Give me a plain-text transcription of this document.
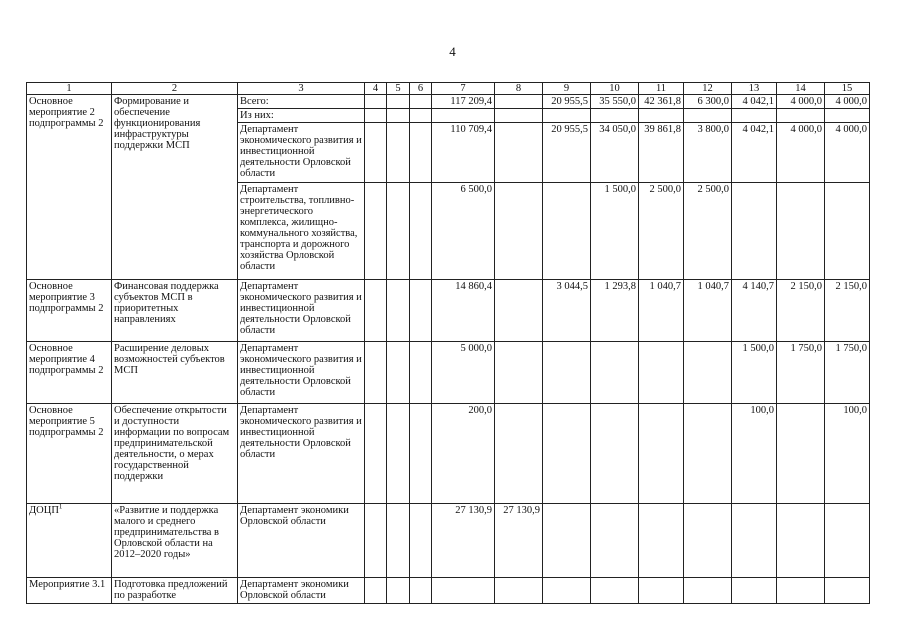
4
1	2	3	4	5	6	7	8	9	10	11	12	13	14	15
Основное мероприятие 2 подпрограммы 2	Формирование и обеспечение функционирования инфраструктуры поддержки МСП	Всего:				117 209,4		20 955,5	35 550,0	42 361,8	6 300,0	4 042,1	4 000,0	4 000,0
		Из них:												
		Департамент экономического развития и инвестиционной деятельности Орловской области				110 709,4		20 955,5	34 050,0	39 861,8	3 800,0	4 042,1	4 000,0	4 000,0
		Департамент строительства, топливно-энергетического комплекса, жилищно-коммунального хозяйства, транспорта и дорожного хозяйства Орловской области				6 500,0			1 500,0	2 500,0	2 500,0			
Основное мероприятие 3 подпрограммы 2	Финансовая поддержка субъектов МСП в приоритетных направлениях	Департамент экономического развития и инвестиционной деятельности Орловской области				14 860,4		3 044,5	1 293,8	1 040,7	1 040,7	4 140,7	2 150,0	2 150,0
Основное мероприятие 4 подпрограммы 2	Расширение деловых возможностей субъектов МСП	Департамент экономического развития и инвестиционной деятельности Орловской области				5 000,0						1 500,0	1 750,0	1 750,0
Основное мероприятие 5 подпрограммы 2	Обеспечение открытости и доступности информации по вопросам предпринимательской деятельности, о мерах государственной поддержки	Департамент экономического развития и инвестиционной деятельности Орловской области				200,0						100,0		100,0
ДОЦП$^1$	«Развитие и поддержка малого и среднего предпринимательства в Орловской области на 2012–2020 годы»	Департамент экономики Орловской области				27 130,9	27 130,9							
Мероприятие 3.1	Подготовка предложений по разработке	Департамент экономики Орловской области												
